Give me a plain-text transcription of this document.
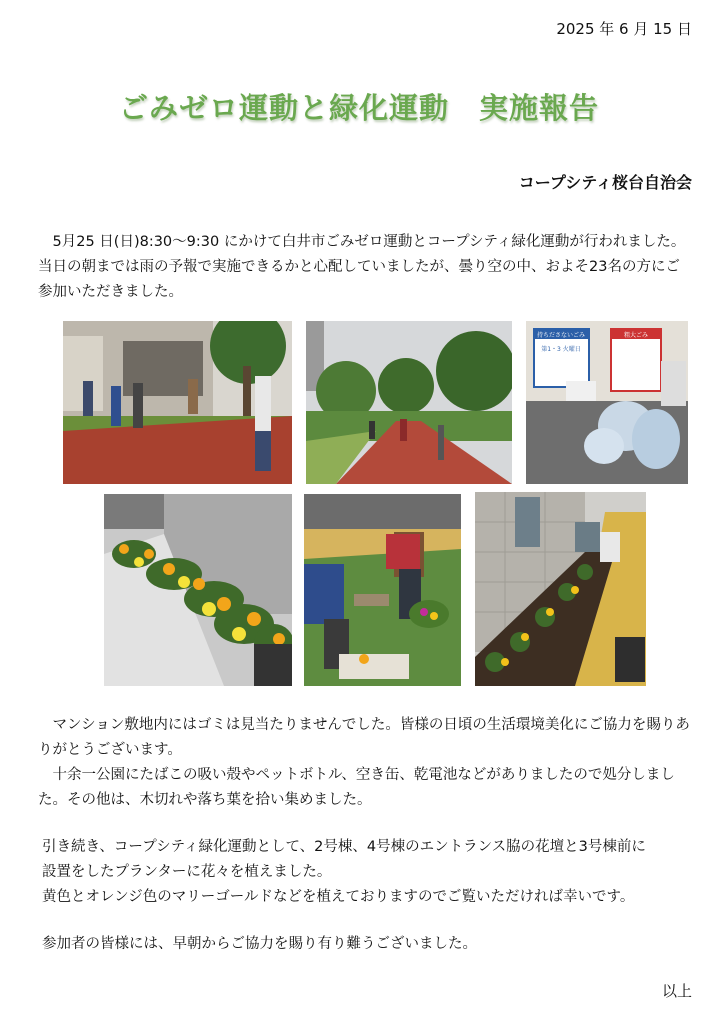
2025 年 6 月 15 日
ごみゼロ運動と緑化運動　実施報告
コープシティ桜台自治会

5月25 日(日)8:30〜9:30 にかけて白井市ごみゼロ運動とコープシティ緑化運動が行われました。当日の朝までは雨の予報で実施できるかと心配していましたが、曇り空の中、およそ23名の方にご参加いただきました。

持ちださないごみ
第1・3 火曜日
粗大ごみ
マンション敷地内にはゴミは見当たりませんでした。皆様の日頃の生活環境美化にご協力を賜りありがとうございます。
十余一公園にたばこの吸い殻やペットボトル、空き缶、乾電池などがありましたので処分しました。その他は、木切れや落ち葉を拾い集めました。
引き続き、コープシティ緑化運動として、2号棟、4号棟のエントランス脇の花壇と3号棟前に
設置をしたプランターに花々を植えました。
黄色とオレンジ色のマリーゴールドなどを植えておりますのでご覧いただければ幸いです。

参加者の皆様には、早朝からご協力を賜り有り難うございました。

以上
